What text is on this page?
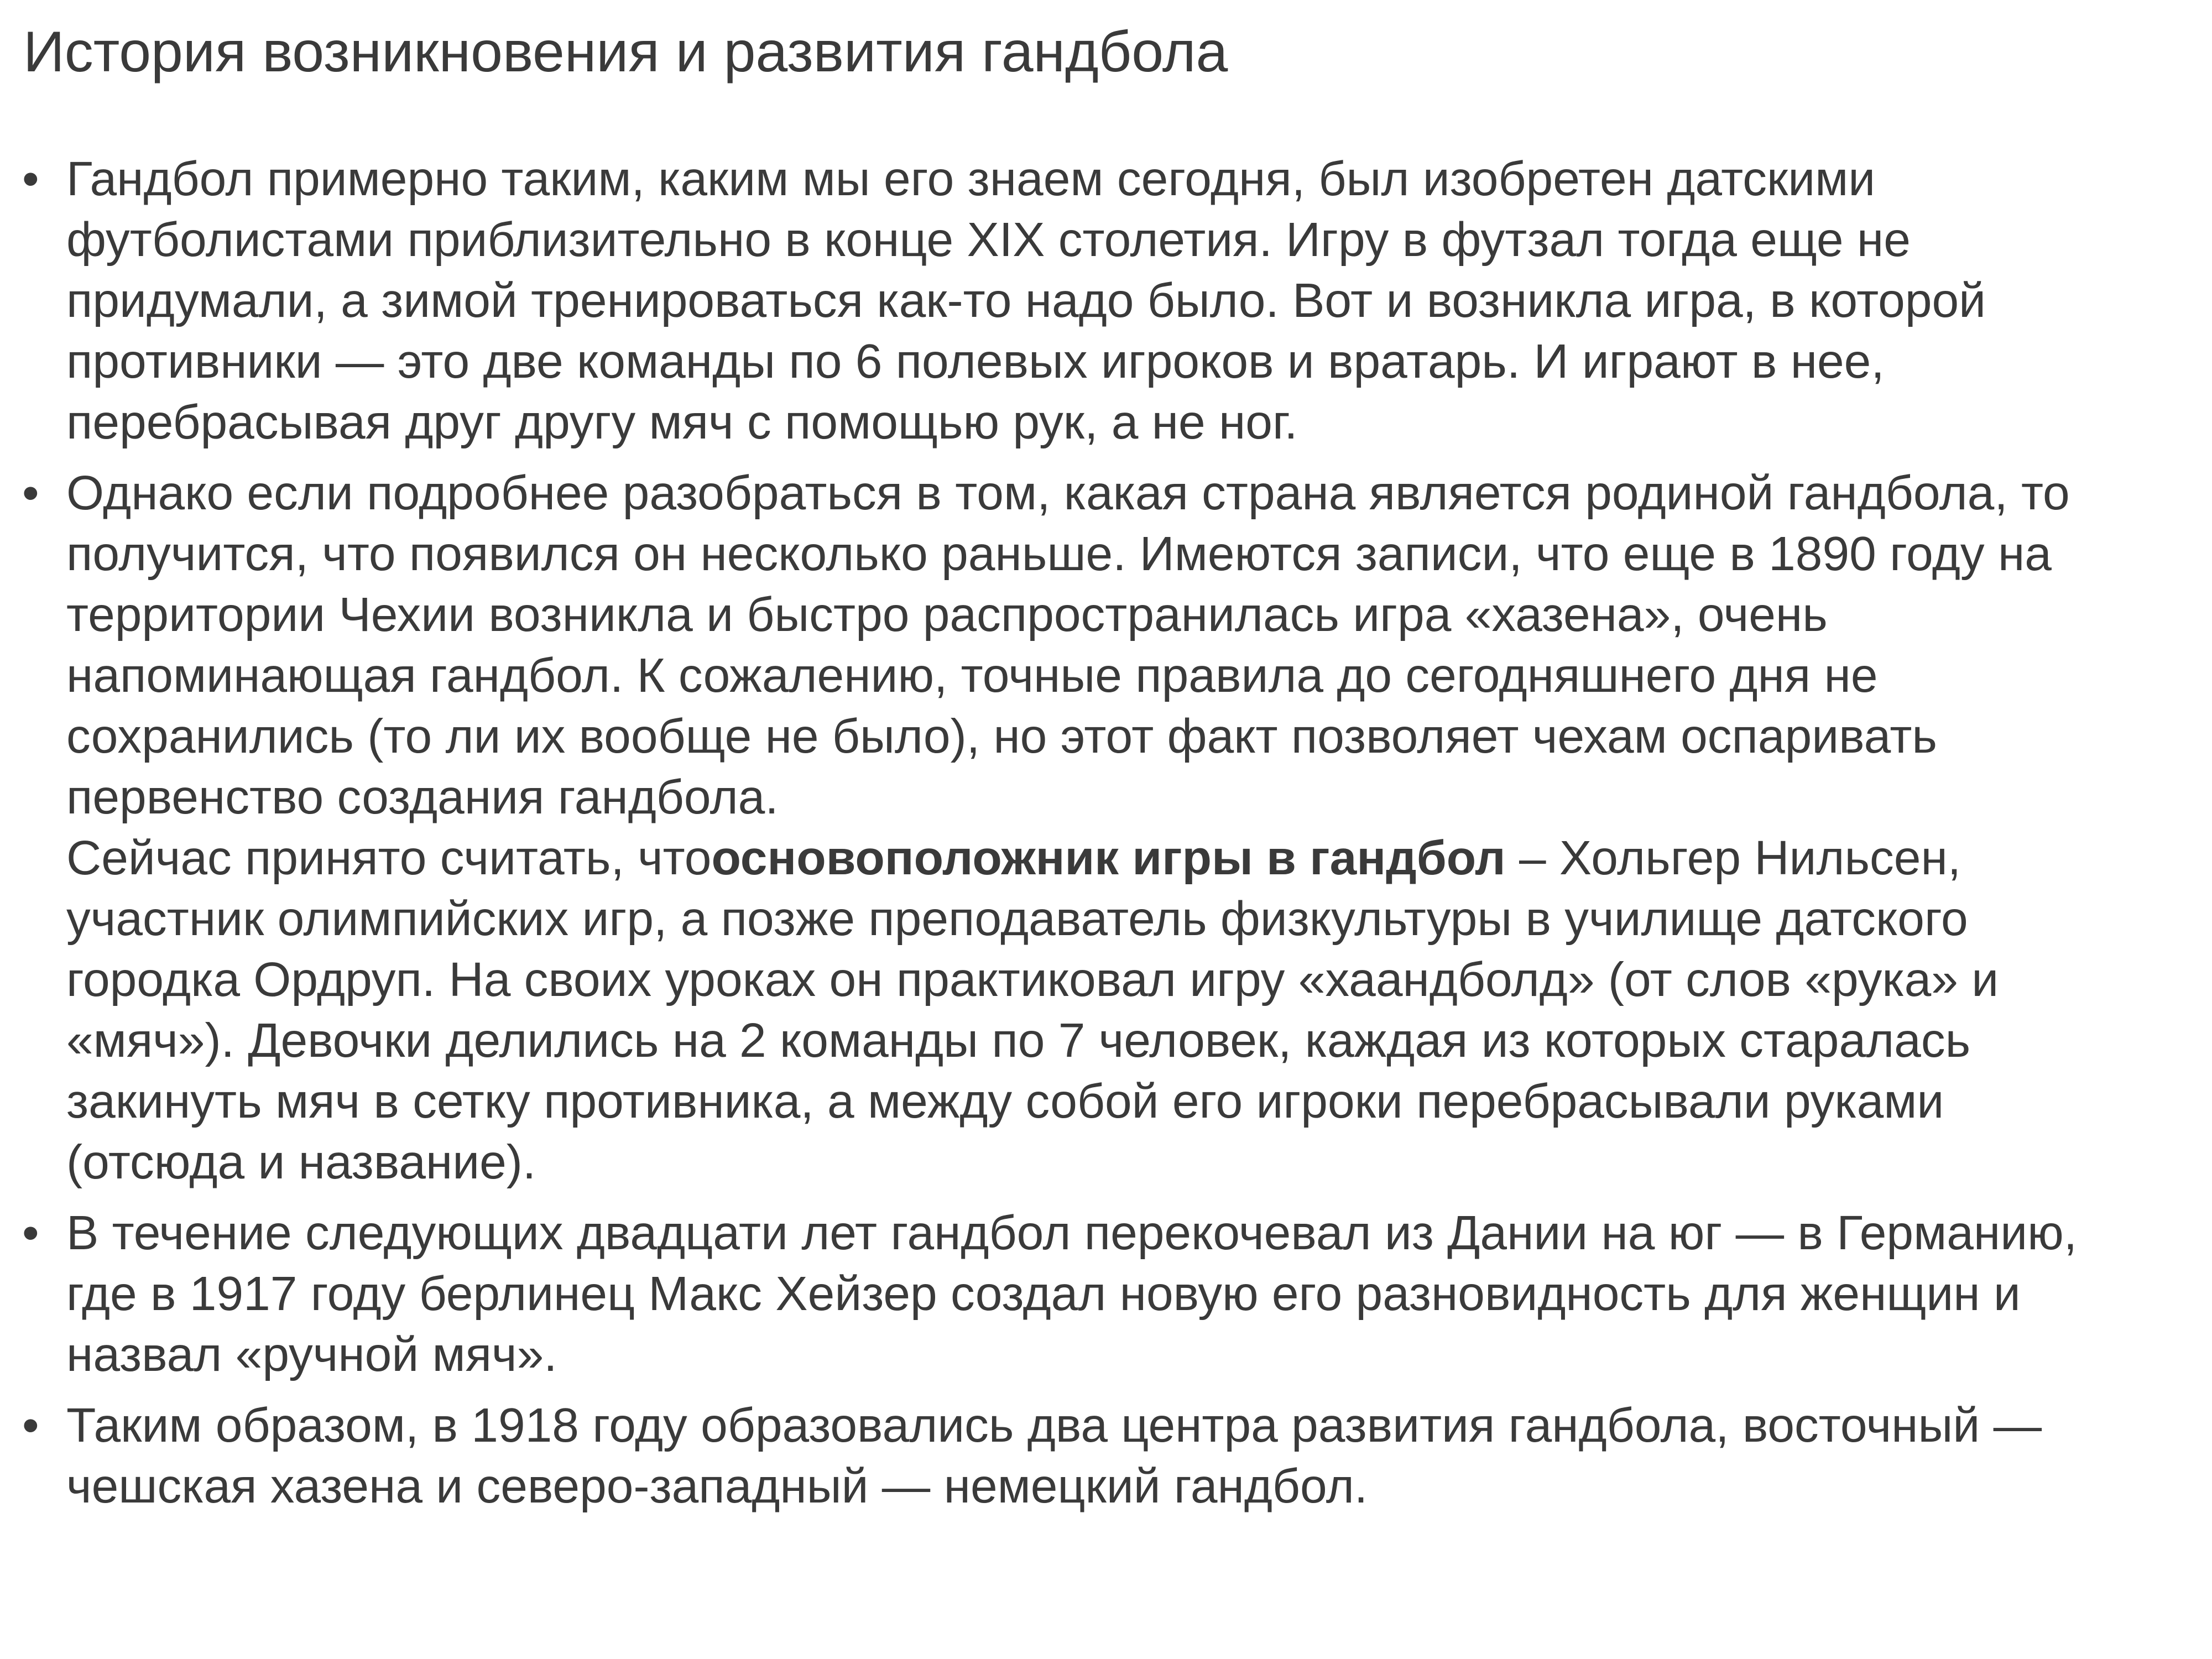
История возникновения и развития гандбола
• Гандбол примерно таким, каким мы его знаем сегодня, был изобретен датскими
футболистами приблизительно в конце XIX столетия. Игру в футзал тогда еще не
придумали, а зимой тренироваться как-то надо было. Вот и возникла игра, в которой
противники — это две команды по 6 полевых игроков и вратарь. И играют в нее,
перебрасывая друг другу мяч с помощью рук, а не ног.
• Однако если подробнее разобраться в том, какая страна является родиной гандбола, то
получится, что появился он несколько раньше. Имеются записи, что еще в 1890 году на
территории Чехии возникла и быстро распространилась игра «хазена», очень
напоминающая гандбол. К сожалению, точные правила до сегодняшнего дня не
сохранились (то ли их вообще не было), но этот факт позволяет чехам оспаривать
первенство создания гандбола.
Сейчас принято считать, чтоосновоположник игры в гандбол – Хольгер Нильсен,
участник олимпийских игр, а позже преподаватель физкультуры в училище датского
городка Ордруп. На своих уроках он практиковал игру «хаандболд» (от слов «рука» и
«мяч»). Девочки делились на 2 команды по 7 человек, каждая из которых старалась
закинуть мяч в сетку противника, а между собой его игроки перебрасывали руками
(отсюда и название).
• В течение следующих двадцати лет гандбол перекочевал из Дании на юг — в Германию,
где в 1917 году берлинец Макс Хейзер создал новую его разновидность для женщин и
назвал «ручной мяч».
• Таким образом, в 1918 году образовались два центра развития гандбола, восточный —
чешская хазена и северо-западный — немецкий гандбол.
